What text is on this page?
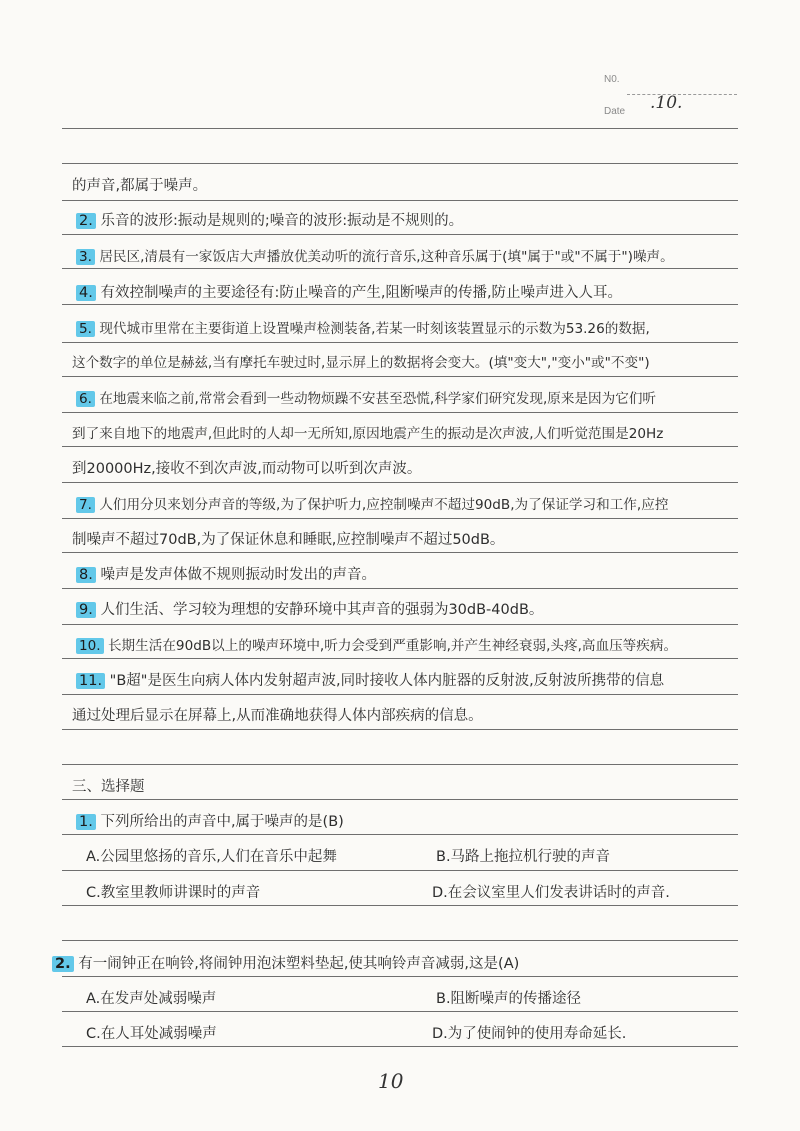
N0.
Date .10.
的声音,都属于噪声。
2. 乐音的波形:振动是规则的;噪音的波形:振动是不规则的。
3. 居民区,清晨有一家饭店大声播放优美动听的流行音乐,这种音乐属于(填"属于"或"不属于")噪声。
4. 有效控制噪声的主要途径有:防止噪音的产生,阻断噪声的传播,防止噪声进入人耳。
5. 现代城市里常在主要街道上设置噪声检测装备,若某一时刻该装置显示的示数为53.26的数据,
这个数字的单位是赫兹,当有摩托车驶过时,显示屏上的数据将会变大。(填"变大","变小"或"不变")
6. 在地震来临之前,常常会看到一些动物烦躁不安甚至恐慌,科学家们研究发现,原来是因为它们听
到了来自地下的地震声,但此时的人却一无所知,原因地震产生的振动是次声波,人们听觉范围是20Hz
到20000Hz,接收不到次声波,而动物可以听到次声波。
7. 人们用分贝来划分声音的等级,为了保护听力,应控制噪声不超过90dB,为了保证学习和工作,应控
制噪声不超过70dB,为了保证休息和睡眠,应控制噪声不超过50dB。
8. 噪声是发声体做不规则振动时发出的声音。
9. 人们生活、学习较为理想的安静环境中其声音的强弱为30dB-40dB。
10. 长期生活在90dB以上的噪声环境中,听力会受到严重影响,并产生神经衰弱,头疼,高血压等疾病。
11. "B超"是医生向病人体内发射超声波,同时接收人体内脏器的反射波,反射波所携带的信息
通过处理后显示在屏幕上,从而准确地获得人体内部疾病的信息。
三、选择题
1. 下列所给出的声音中,属于噪声的是(B)
A.公园里悠扬的音乐,人们在音乐中起舞	B.马路上拖拉机行驶的声音
C.教室里教师讲课时的声音	D.在会议室里人们发表讲话时的声音.
2. 有一闹钟正在响铃,将闹钟用泡沫塑料垫起,使其响铃声音减弱,这是(A)
A.在发声处减弱噪声	B.阻断噪声的传播途径
C.在人耳处减弱噪声	D.为了使闹钟的使用寿命延长.
10
